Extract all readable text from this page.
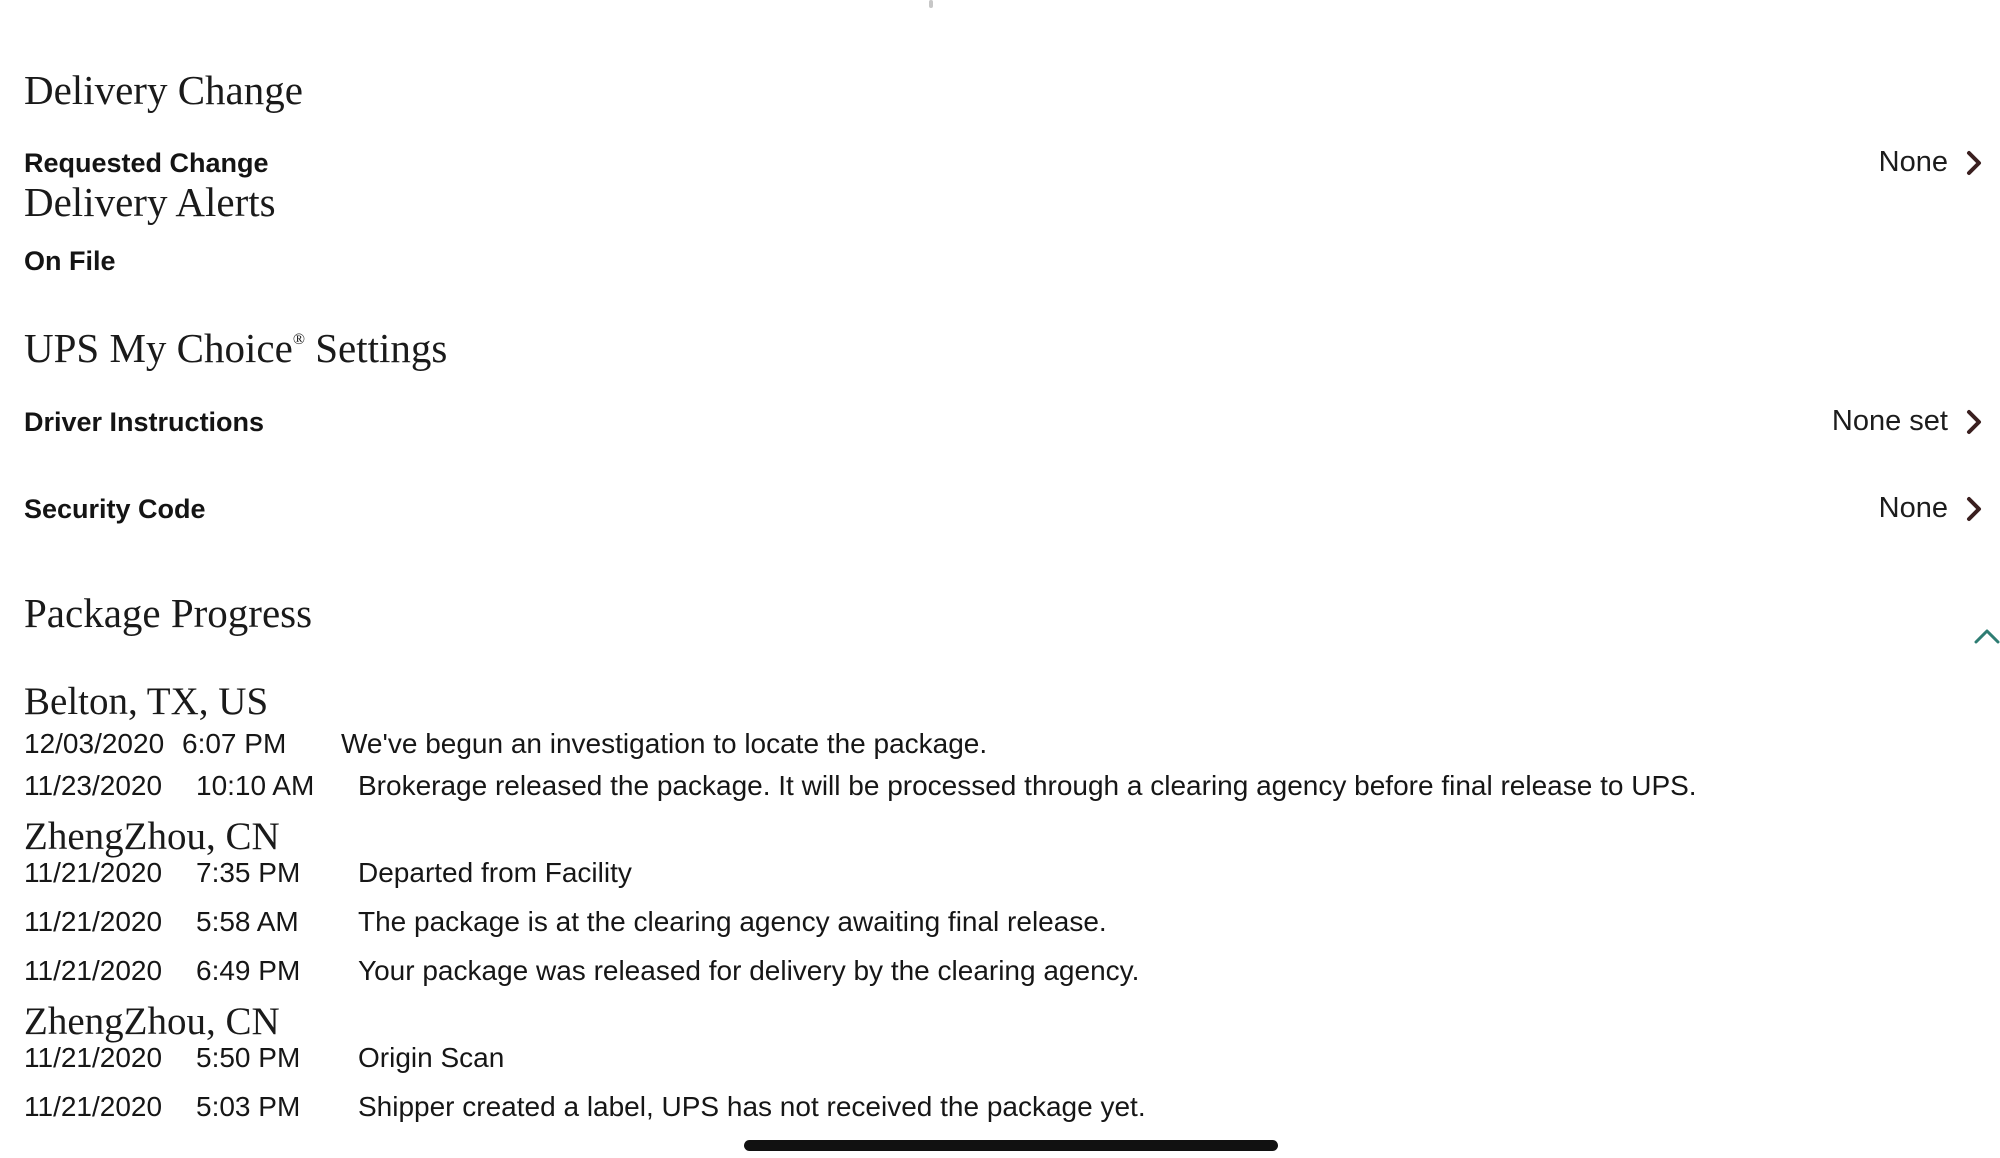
Delivery Change
Requested Change	None
Delivery Alerts
On File
UPS My Choice® Settings
Driver Instructions	None set
Security Code	None
Package Progress
Belton, TX, US
12/03/2020 6:07 PM We've begun an investigation to locate the package.
11/23/2020 10:10 AM Brokerage released the package. It will be processed through a clearing agency before final release to UPS.
ZhengZhou, CN
11/21/2020 7:35 PM Departed from Facility
11/21/2020 5:58 AM The package is at the clearing agency awaiting final release.
11/21/2020 6:49 PM Your package was released for delivery by the clearing agency.
ZhengZhou, CN
11/21/2020 5:50 PM Origin Scan
11/21/2020 5:03 PM Shipper created a label, UPS has not received the package yet.
